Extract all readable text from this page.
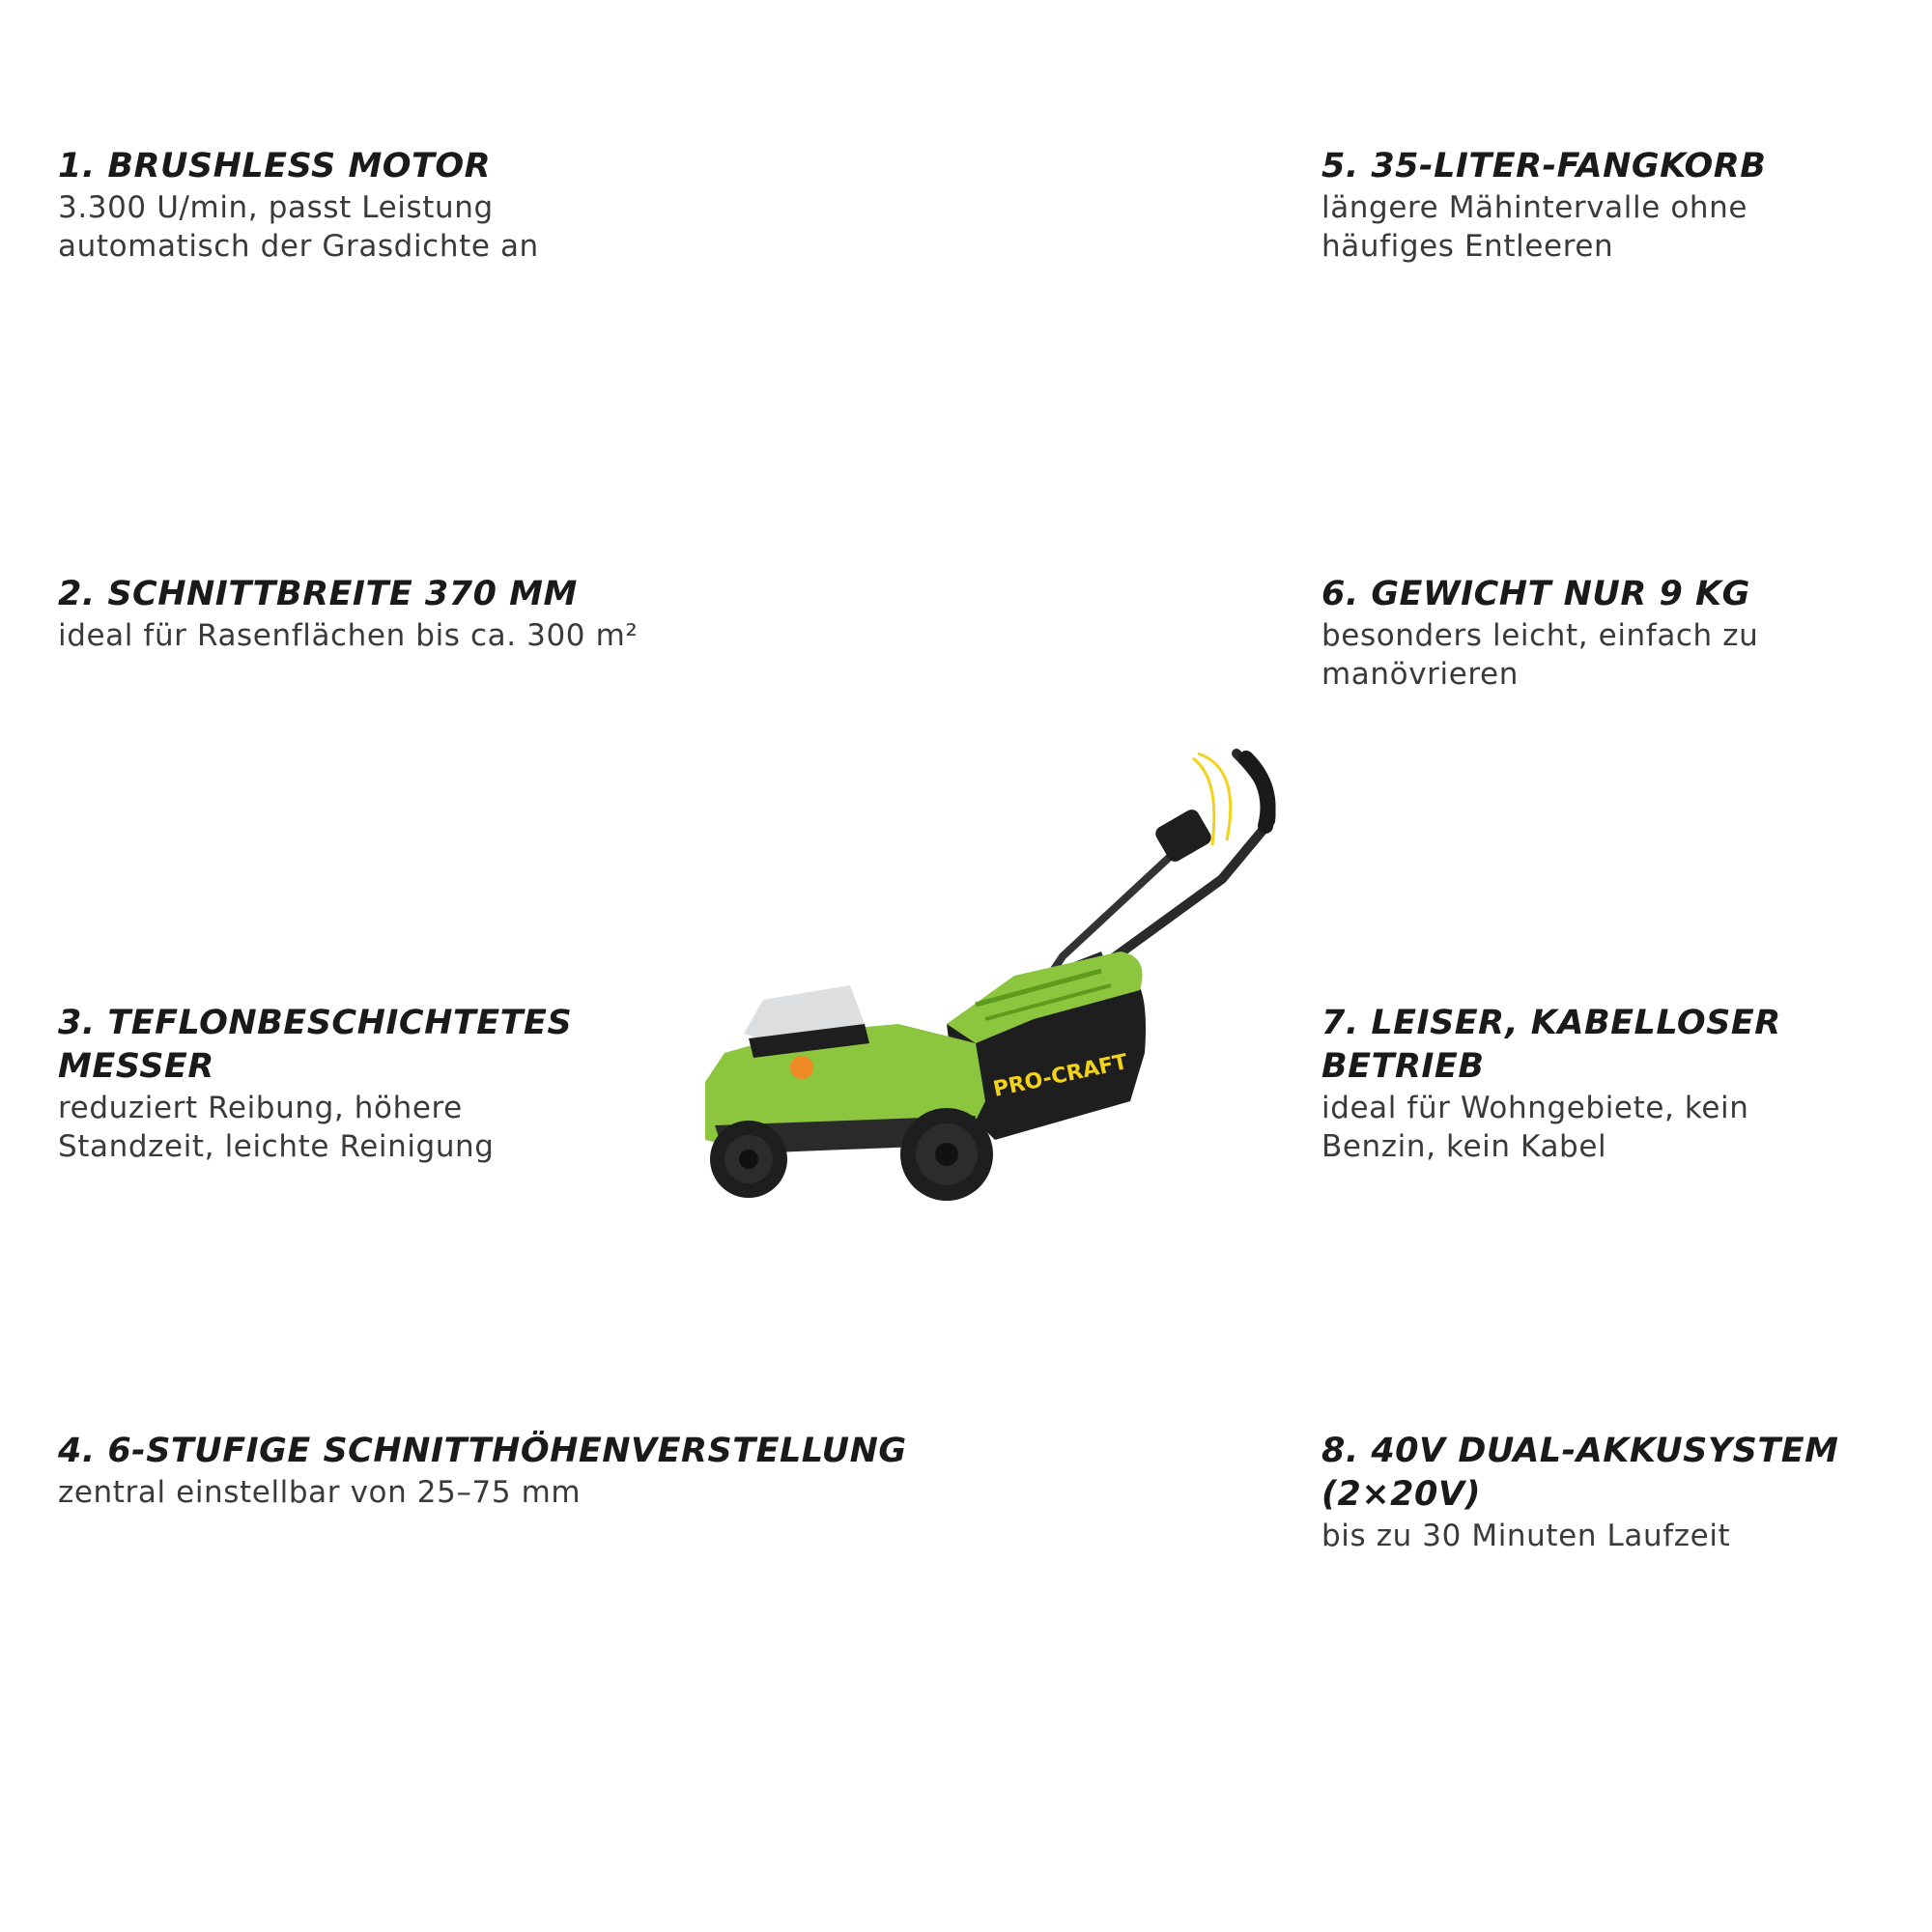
1. BRUSHLESS MOTOR

3.300 U/min, passt Leistung

automatisch der Grasdichte an

2. SCHNITTBREITE 370 MM

ideal für Rasenflächen bis ca. 300 m²

3. TEFLONBESCHICHTETES

MESSER

reduziert Reibung, höhere

Standzeit, leichte Reinigung

4. 6-STUFIGE SCHNITTHÖHENVERSTELLUNG

zentral einstellbar von 25–75 mm

5. 35-LITER-FANGKORB

längere Mähintervalle ohne

häufiges Entleeren

6. GEWICHT NUR 9 KG

besonders leicht, einfach zu

manövrieren

7. LEISER, KABELLOSER

BETRIEB

ideal für Wohngebiete, kein

Benzin, kein Kabel

8. 40V DUAL-AKKUSYSTEM

(2×20V)

bis zu 30 Minuten Laufzeit

PRO-CRAFT
